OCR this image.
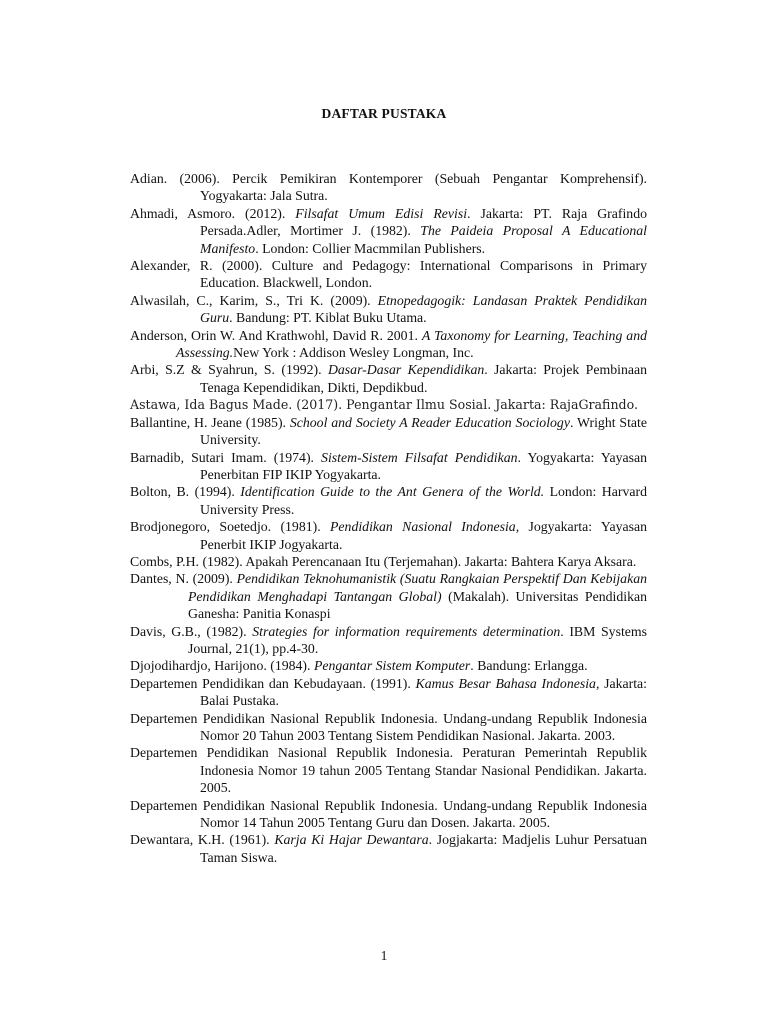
DAFTAR PUSTAKA
Adian. (2006). Percik Pemikiran Kontemporer (Sebuah Pengantar Komprehensif). Yogyakarta: Jala Sutra.
Ahmadi, Asmoro. (2012). Filsafat Umum Edisi Revisi. Jakarta: PT. Raja Grafindo Persada.Adler, Mortimer J. (1982). The Paideia Proposal A Educational Manifesto. London: Collier Macmmilan Publishers.
Alexander, R. (2000). Culture and Pedagogy: International Comparisons in Primary Education. Blackwell, London.
Alwasilah, C., Karim, S., Tri K. (2009). Etnopedagogik: Landasan Praktek Pendidikan Guru. Bandung: PT. Kiblat Buku Utama.
Anderson, Orin W. And Krathwohl, David R. 2001. A Taxonomy for Learning, Teaching and Assessing.New York : Addison Wesley Longman, Inc.
Arbi, S.Z & Syahrun, S. (1992). Dasar-Dasar Kependidikan. Jakarta: Projek Pembinaan Tenaga Kependidikan, Dikti, Depdikbud.
Astawa, Ida Bagus Made. (2017). Pengantar Ilmu Sosial. Jakarta: RajaGrafindo.
Ballantine, H. Jeane (1985). School and Society A Reader Education Sociology. Wright State University.
Barnadib, Sutari Imam. (1974). Sistem-Sistem Filsafat Pendidikan. Yogyakarta: Yayasan Penerbitan FIP IKIP Yogyakarta.
Bolton, B. (1994). Identification Guide to the Ant Genera of the World. London: Harvard University Press.
Brodjonegoro, Soetedjo. (1981). Pendidikan Nasional Indonesia, Jogyakarta: Yayasan Penerbit IKIP Jogyakarta.
Combs, P.H. (1982). Apakah Perencanaan Itu (Terjemahan). Jakarta: Bahtera Karya Aksara.
Dantes, N. (2009). Pendidikan Teknohumanistik (Suatu Rangkaian Perspektif Dan Kebijakan Pendidikan Menghadapi Tantangan Global) (Makalah). Universitas Pendidikan Ganesha: Panitia Konaspi
Davis, G.B., (1982). Strategies for information requirements determination. IBM Systems Journal, 21(1), pp.4-30.
Djojodihardjo, Harijono. (1984). Pengantar Sistem Komputer. Bandung: Erlangga.
Departemen Pendidikan dan Kebudayaan. (1991). Kamus Besar Bahasa Indonesia, Jakarta: Balai Pustaka.
Departemen Pendidikan Nasional Republik Indonesia. Undang-undang Republik Indonesia Nomor 20 Tahun 2003 Tentang Sistem Pendidikan Nasional. Jakarta. 2003.
Departemen Pendidikan Nasional Republik Indonesia. Peraturan Pemerintah Republik Indonesia Nomor 19 tahun 2005 Tentang Standar Nasional Pendidikan. Jakarta. 2005.
Departemen Pendidikan Nasional Republik Indonesia. Undang-undang Republik Indonesia Nomor 14 Tahun 2005 Tentang Guru dan Dosen. Jakarta. 2005.
Dewantara, K.H. (1961). Karja Ki Hajar Dewantara. Jogjakarta: Madjelis Luhur Persatuan Taman Siswa.
1
